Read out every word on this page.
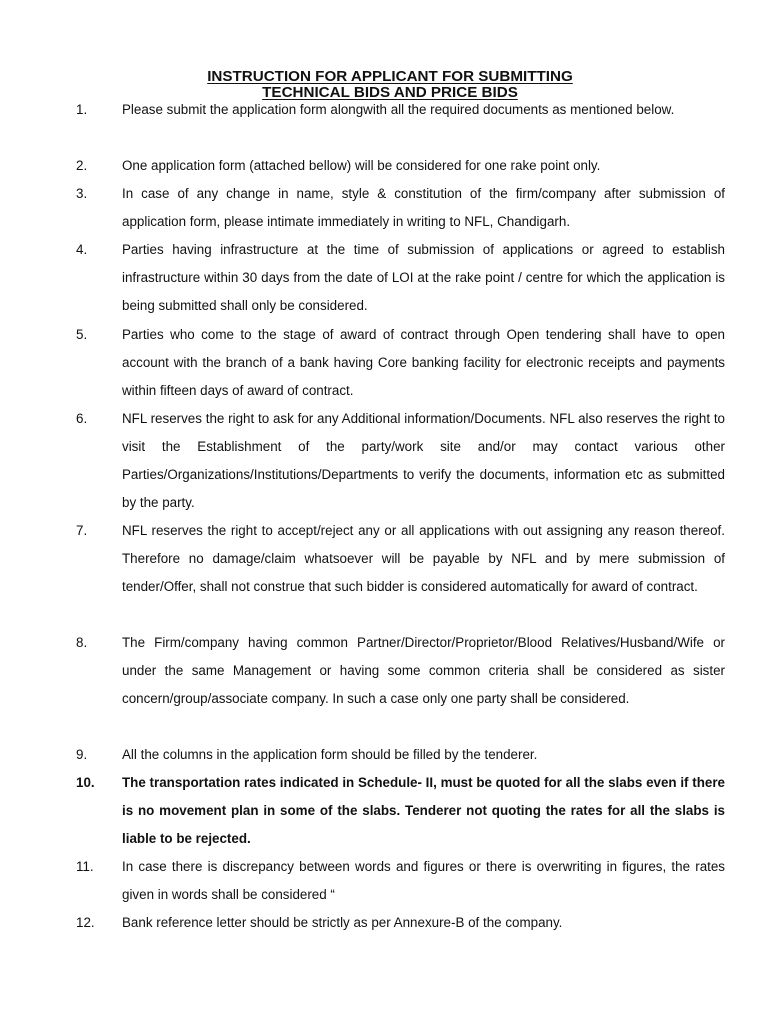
INSTRUCTION FOR APPLICANT FOR SUBMITTING
TECHNICAL BIDS AND PRICE BIDS
1.	Please submit the application form alongwith all the required documents as mentioned below.
2.	One application form (attached bellow) will be considered for one rake point only.
3.	In case of any change in name, style & constitution of the firm/company after submission of application form, please intimate immediately in writing to NFL, Chandigarh.
4.	Parties having infrastructure at the time of submission of applications or agreed to establish infrastructure within 30 days from the date of LOI at the rake point / centre for which the application is being submitted shall only be considered.
5.	Parties who come to the stage of award of contract through Open tendering shall have to open account with the branch of a bank having Core banking facility for electronic receipts and payments within fifteen days of award of contract.
6.	NFL reserves the right to ask for any Additional information/Documents. NFL also reserves the right to visit the Establishment of the party/work site and/or may contact various other Parties/Organizations/Institutions/Departments to verify the documents, information etc as submitted by the party.
7.	NFL reserves the right to accept/reject any or all applications with out assigning any reason thereof. Therefore no damage/claim whatsoever will be payable by NFL and by mere submission of tender/Offer, shall not construe that such bidder is considered automatically for award of contract.
8.	The Firm/company having common Partner/Director/Proprietor/Blood Relatives/Husband/Wife or under the same Management or having some common criteria shall be considered as sister concern/group/associate company. In such a case only one party shall be considered.
9.	All the columns in the application form should be filled by the tenderer.
10. The transportation rates indicated in Schedule- II, must be quoted for all the slabs even if there is no movement plan in some of the slabs. Tenderer not quoting the rates for all the slabs is liable to be rejected.
11. In case there is discrepancy between words and figures or there is overwriting in figures, the rates given in words shall be considered “
12. Bank reference letter should be strictly as per Annexure-B of the company.
